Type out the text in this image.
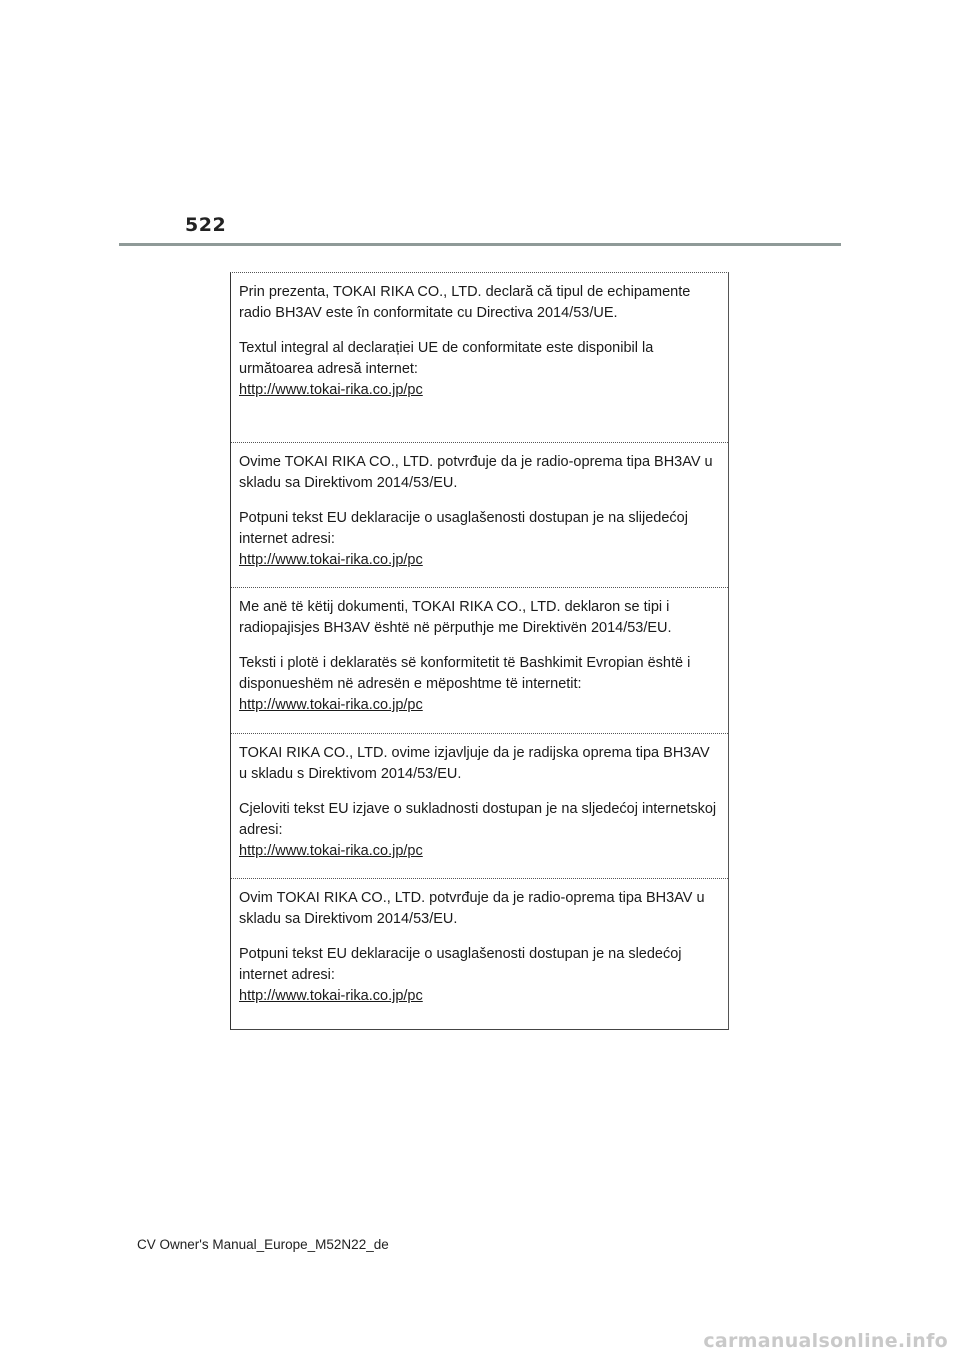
522

Prin prezenta, TOKAI RIKA CO., LTD. declară că tipul de echipamente radio BH3AV este în conformitate cu Directiva 2014/53/UE.

Textul integral al declarației UE de conformitate este disponibil la următoarea adresă internet:

http://www.tokai-rika.co.jp/pc

Ovime TOKAI RIKA CO., LTD. potvrđuje da je radio-oprema tipa BH3AV u skladu sa Direktivom 2014/53/EU.

Potpuni tekst EU deklaracije o usaglašenosti dostupan je na slijedećoj internet adresi:

http://www.tokai-rika.co.jp/pc

Me anë të këtij dokumenti, TOKAI RIKA CO., LTD. deklaron se tipi i radiopajisjes BH3AV është në përputhje me Direktivën 2014/53/EU.

Teksti i plotë i deklaratës së konformitetit të Bashkimit Evropian është i disponueshëm në adresën e mëposhtme të internetit:

http://www.tokai-rika.co.jp/pc

TOKAI RIKA CO., LTD. ovime izjavljuje da je radijska oprema tipa BH3AV u skladu s Direktivom 2014/53/EU.

Cjeloviti tekst EU izjave o sukladnosti dostupan je na sljedećoj internetskoj adresi:

http://www.tokai-rika.co.jp/pc

Ovim TOKAI RIKA CO., LTD. potvrđuje da je radio-oprema tipa BH3AV u skladu sa Direktivom 2014/53/EU.

Potpuni tekst EU deklaracije o usaglašenosti dostupan je na sledećoj internet adresi:

http://www.tokai-rika.co.jp/pc
CV Owner's Manual_Europe_M52N22_de
carmanualsonline.info
